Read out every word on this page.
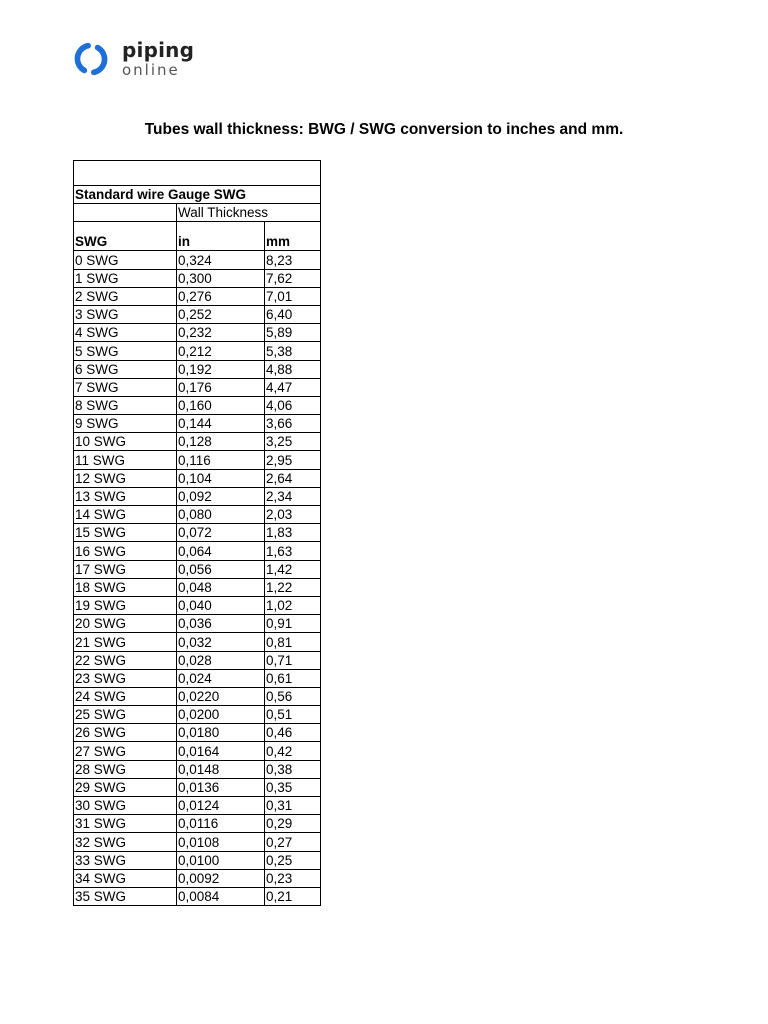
piping
online
Tubes wall thickness: BWG / SWG conversion to inches and mm.

Standard wire Gauge SWG		
	Wall Thickness	
SWG	in	mm
0 SWG	0,324	8,23
1 SWG	0,300	7,62
2 SWG	0,276	7,01
3 SWG	0,252	6,40
4 SWG	0,232	5,89
5 SWG	0,212	5,38
6 SWG	0,192	4,88
7 SWG	0,176	4,47
8 SWG	0,160	4,06
9 SWG	0,144	3,66
10 SWG	0,128	3,25
11 SWG	0,116	2,95
12 SWG	0,104	2,64
13 SWG	0,092	2,34
14 SWG	0,080	2,03
15 SWG	0,072	1,83
16 SWG	0,064	1,63
17 SWG	0,056	1,42
18 SWG	0,048	1,22
19 SWG	0,040	1,02
20 SWG	0,036	0,91
21 SWG	0,032	0,81
22 SWG	0,028	0,71
23 SWG	0,024	0,61
24 SWG	0,0220	0,56
25 SWG	0,0200	0,51
26 SWG	0,0180	0,46
27 SWG	0,0164	0,42
28 SWG	0,0148	0,38
29 SWG	0,0136	0,35
30 SWG	0,0124	0,31
31 SWG	0,0116	0,29
32 SWG	0,0108	0,27
33 SWG	0,0100	0,25
34 SWG	0,0092	0,23
35 SWG	0,0084	0,21
